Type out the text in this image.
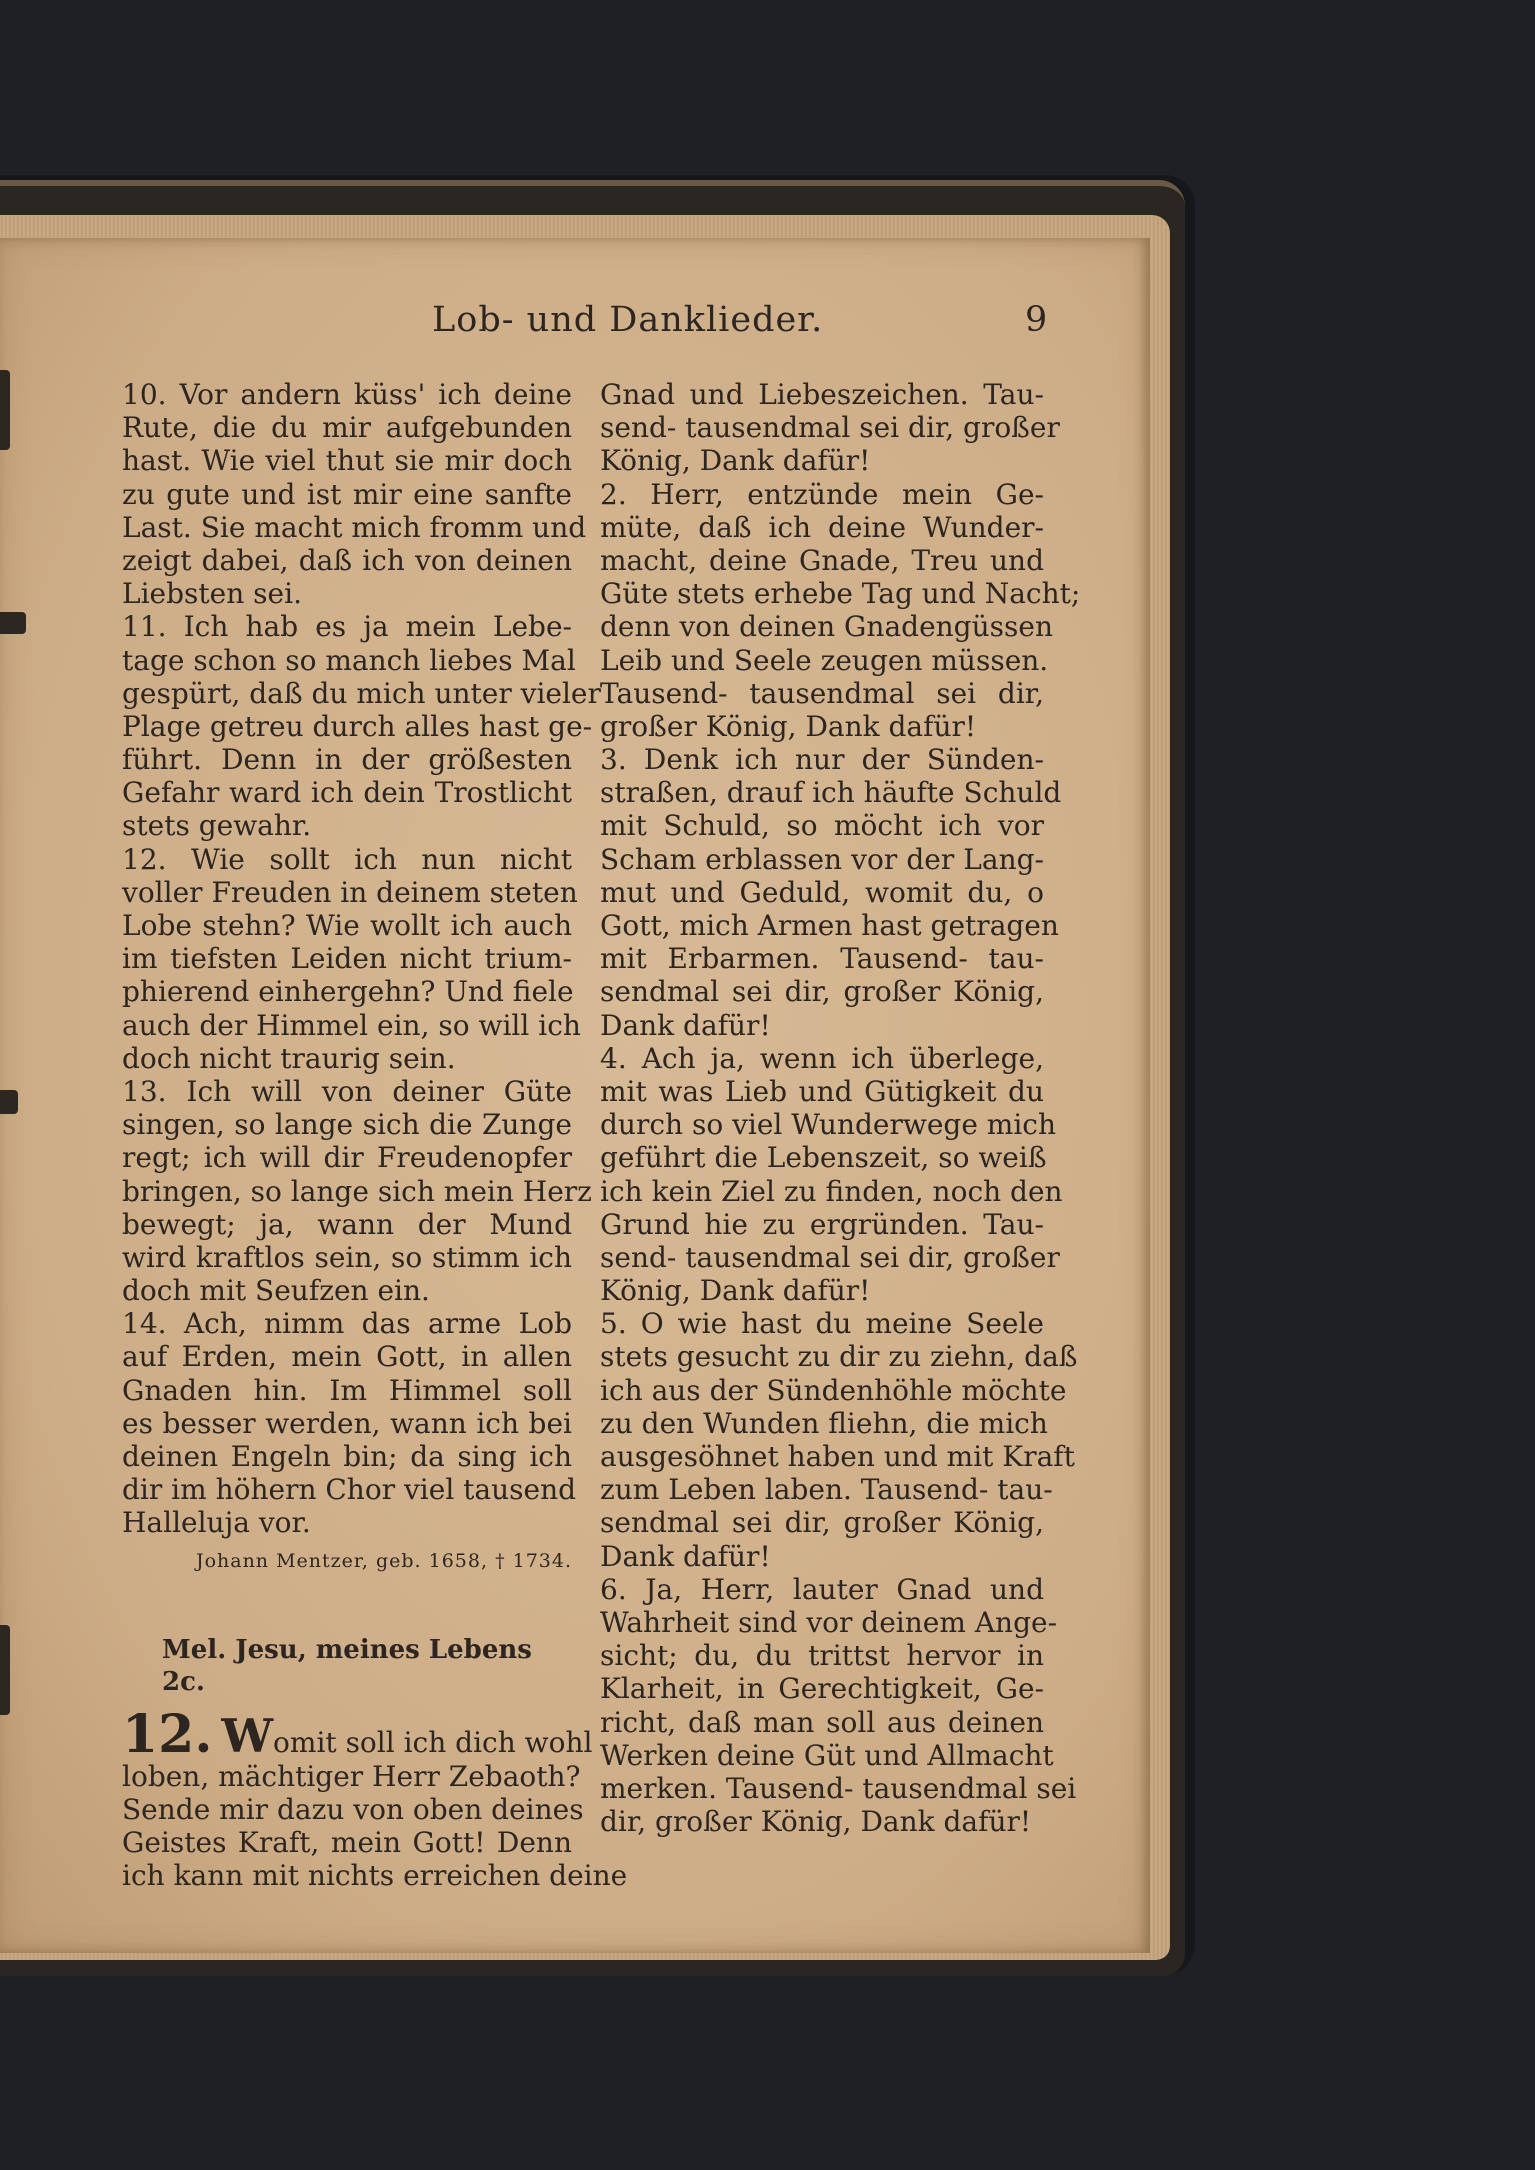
Lob- und Danklieder.	9
10. Vor andern küss' ich deine
Rute, die du mir aufgebunden
hast. Wie viel thut sie mir doch
zu gute und ist mir eine sanfte
Last. Sie macht mich fromm und
zeigt dabei, daß ich von deinen
Liebsten sei.
11. Ich hab es ja mein Lebe-
tage schon so manch liebes Mal
gespürt, daß du mich unter vieler
Plage getreu durch alles hast ge-
führt. Denn in der größesten
Gefahr ward ich dein Trostlicht
stets gewahr.
12. Wie sollt ich nun nicht
voller Freuden in deinem steten
Lobe stehn? Wie wollt ich auch
im tiefsten Leiden nicht trium-
phierend einhergehn? Und fiele
auch der Himmel ein, so will ich
doch nicht traurig sein.
13. Ich will von deiner Güte
singen, so lange sich die Zunge
regt; ich will dir Freudenopfer
bringen, so lange sich mein Herz
bewegt; ja, wann der Mund
wird kraftlos sein, so stimm ich
doch mit Seufzen ein.
14. Ach, nimm das arme Lob
auf Erden, mein Gott, in allen
Gnaden hin. Im Himmel soll
es besser werden, wann ich bei
deinen Engeln bin; da sing ich
dir im höhern Chor viel tausend
Halleluja vor.
Johann Mentzer, geb. 1658, † 1734.
Mel. Jesu, meines Lebens 2c.
12. Womit soll ich dich wohl
loben, mächtiger Herr Zebaoth?
Sende mir dazu von oben deines
Geistes Kraft, mein Gott! Denn
ich kann mit nichts erreichen deine
Gnad und Liebeszeichen. Tau-
send- tausendmal sei dir, großer
König, Dank dafür!
2. Herr, entzünde mein Ge-
müte, daß ich deine Wunder-
macht, deine Gnade, Treu und
Güte stets erhebe Tag und Nacht;
denn von deinen Gnadengüssen
Leib und Seele zeugen müssen.
Tausend- tausendmal sei dir,
großer König, Dank dafür!
3. Denk ich nur der Sünden-
straßen, drauf ich häufte Schuld
mit Schuld, so möcht ich vor
Scham erblassen vor der Lang-
mut und Geduld, womit du, o
Gott, mich Armen hast getragen
mit Erbarmen. Tausend- tau-
sendmal sei dir, großer König,
Dank dafür!
4. Ach ja, wenn ich überlege,
mit was Lieb und Gütigkeit du
durch so viel Wunderwege mich
geführt die Lebenszeit, so weiß
ich kein Ziel zu finden, noch den
Grund hie zu ergründen. Tau-
send- tausendmal sei dir, großer
König, Dank dafür!
5. O wie hast du meine Seele
stets gesucht zu dir zu ziehn, daß
ich aus der Sündenhöhle möchte
zu den Wunden fliehn, die mich
ausgesöhnet haben und mit Kraft
zum Leben laben. Tausend- tau-
sendmal sei dir, großer König,
Dank dafür!
6. Ja, Herr, lauter Gnad und
Wahrheit sind vor deinem Ange-
sicht; du, du trittst hervor in
Klarheit, in Gerechtigkeit, Ge-
richt, daß man soll aus deinen
Werken deine Güt und Allmacht
merken. Tausend- tausendmal sei
dir, großer König, Dank dafür!
